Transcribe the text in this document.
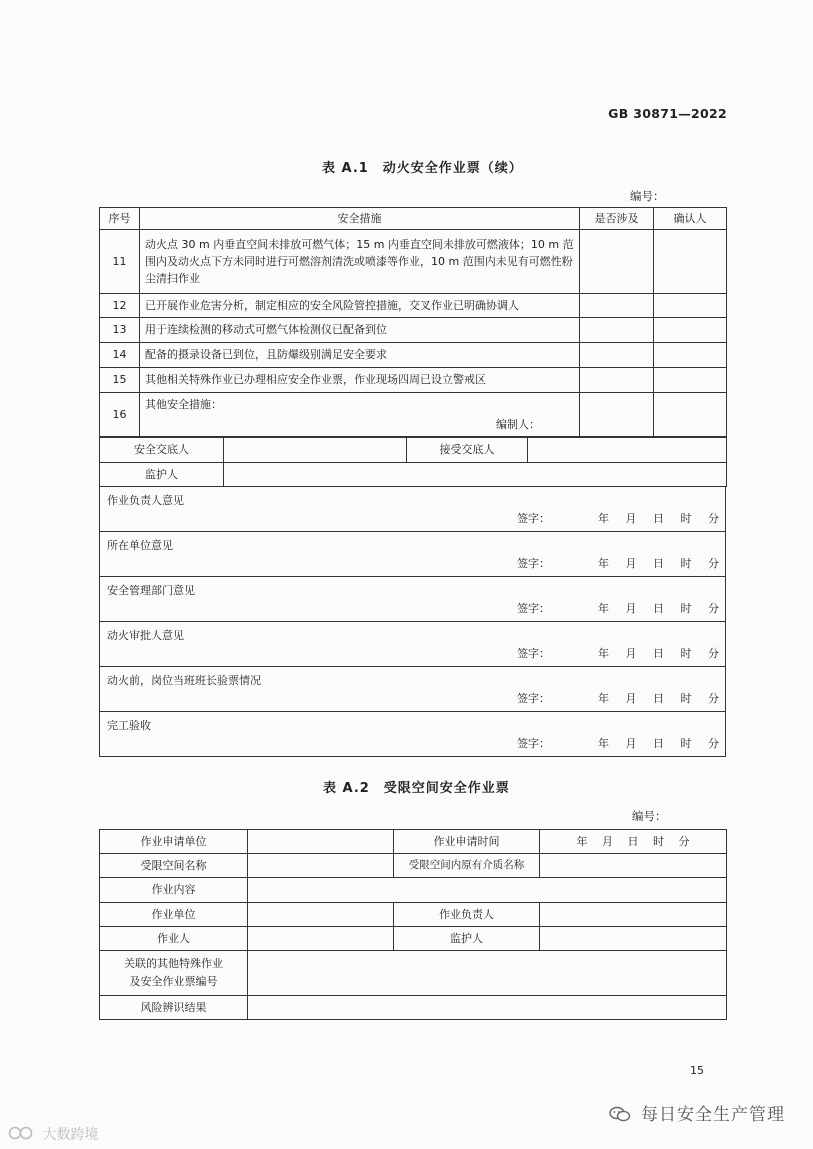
GB 30871—2022
表 A.1　动火安全作业票（续）
编号：
序号	安全措施	是否涉及	确认人
11	动火点 30 m 内垂直空间未排放可燃气体；15 m 内垂直空间未排放可燃液体；10 m 范围内及动火点下方未同时进行可燃溶剂清洗或喷漆等作业，10 m 范围内未见有可燃性粉尘清扫作业		
12	已开展作业危害分析，制定相应的安全风险管控措施，交叉作业已明确协调人		
13	用于连续检测的移动式可燃气体检测仪已配备到位		
14	配备的摄录设备已到位，且防爆级别满足安全要求		
15	其他相关特殊作业已办理相应安全作业票，作业现场四周已设立警戒区		
16	其他安全措施：
编制人：		

安全交底人		接受交底人	
监护人			
作业负责人意见
签字：	年 月 日 时 分

所在单位意见
签字：	年 月 日 时 分

安全管理部门意见
签字：	年 月 日 时 分

动火审批人意见
签字：	年 月 日 时 分

动火前，岗位当班班长验票情况
签字：	年 月 日 时 分

完工验收
签字：	年 月 日 时 分
表 A.2　受限空间安全作业票
编号：
作业申请单位		作业申请时间	年 月 日 时 分
受限空间名称		受限空间内原有介质名称	
作业内容			
作业单位		作业负责人	
作业人		监护人	

关联的其他特殊作业
及安全作业票编号			

风险辨识结果			
15
每日安全生产管理
大数跨境
